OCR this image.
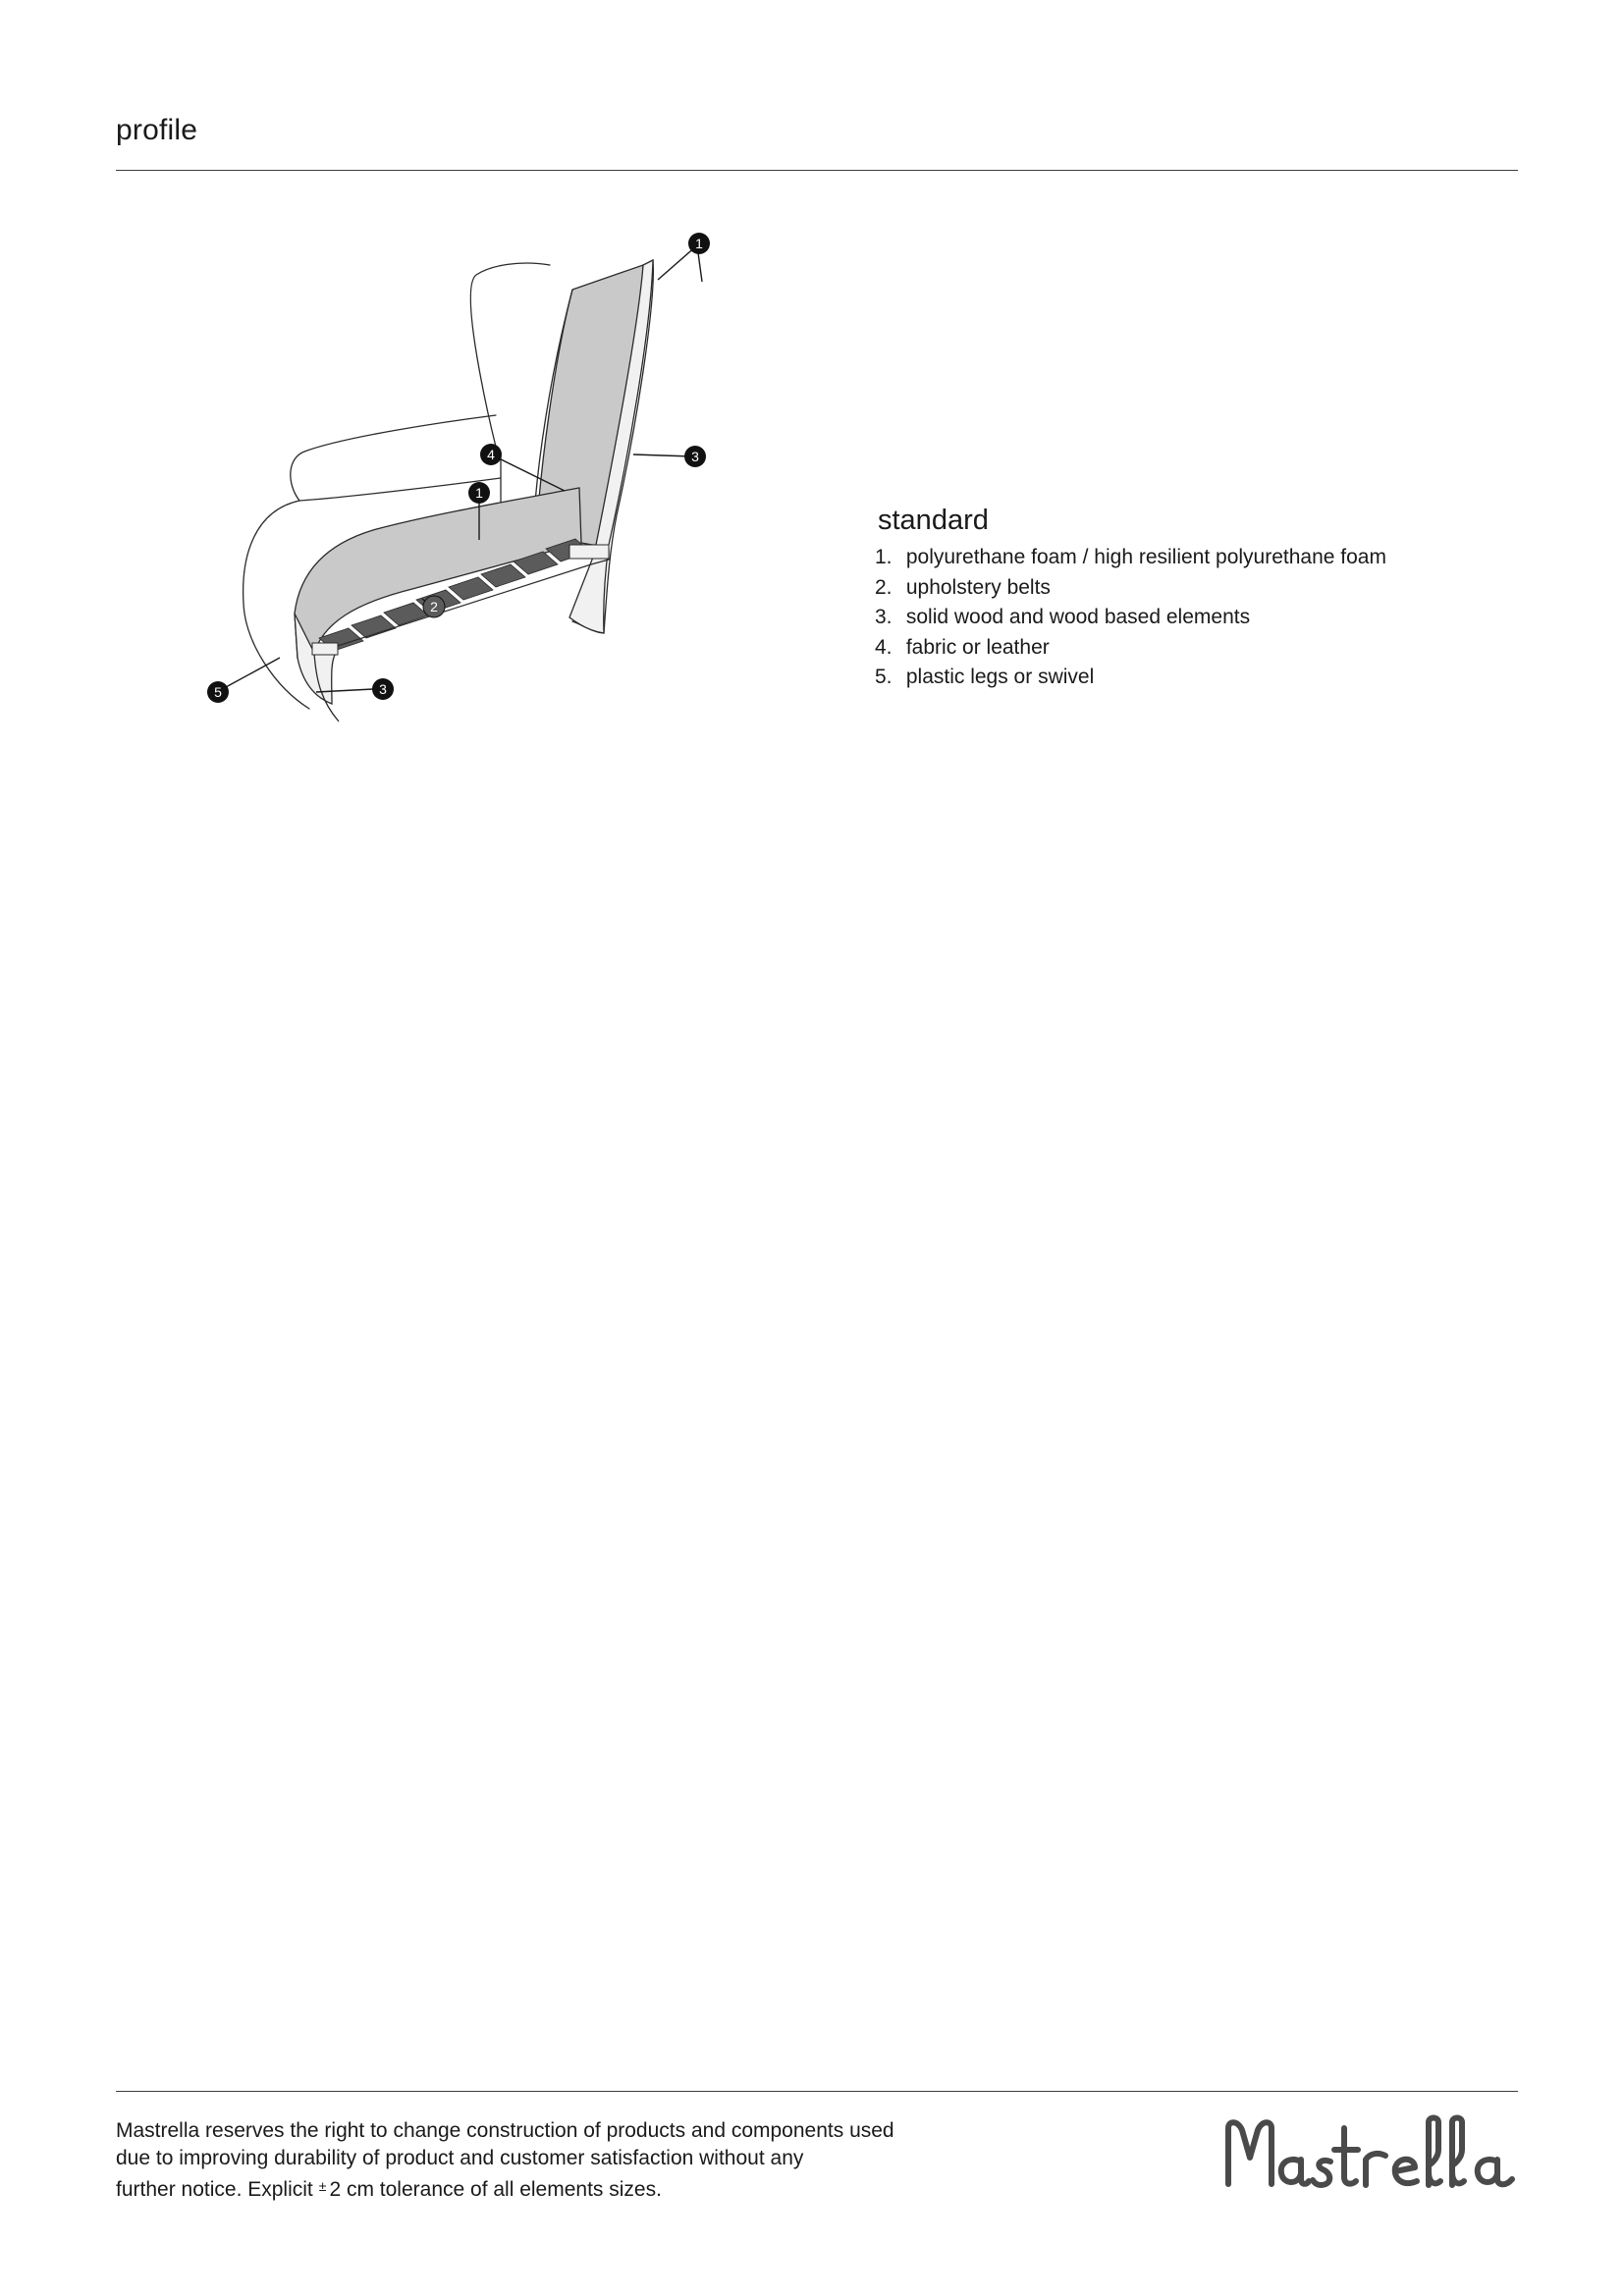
profile
1
4
1
2
3
3
5
standard
1. polyurethane foam / high resilient polyurethane foam
2. upholstery belts
3. solid wood and wood based elements
4. fabric or leather
5. plastic legs or swivel
Mastrella reserves the right to change construction of products and components used
due to improving durability of product and customer satisfaction without any
further notice. Explicit ± 2 cm tolerance of all elements sizes.
